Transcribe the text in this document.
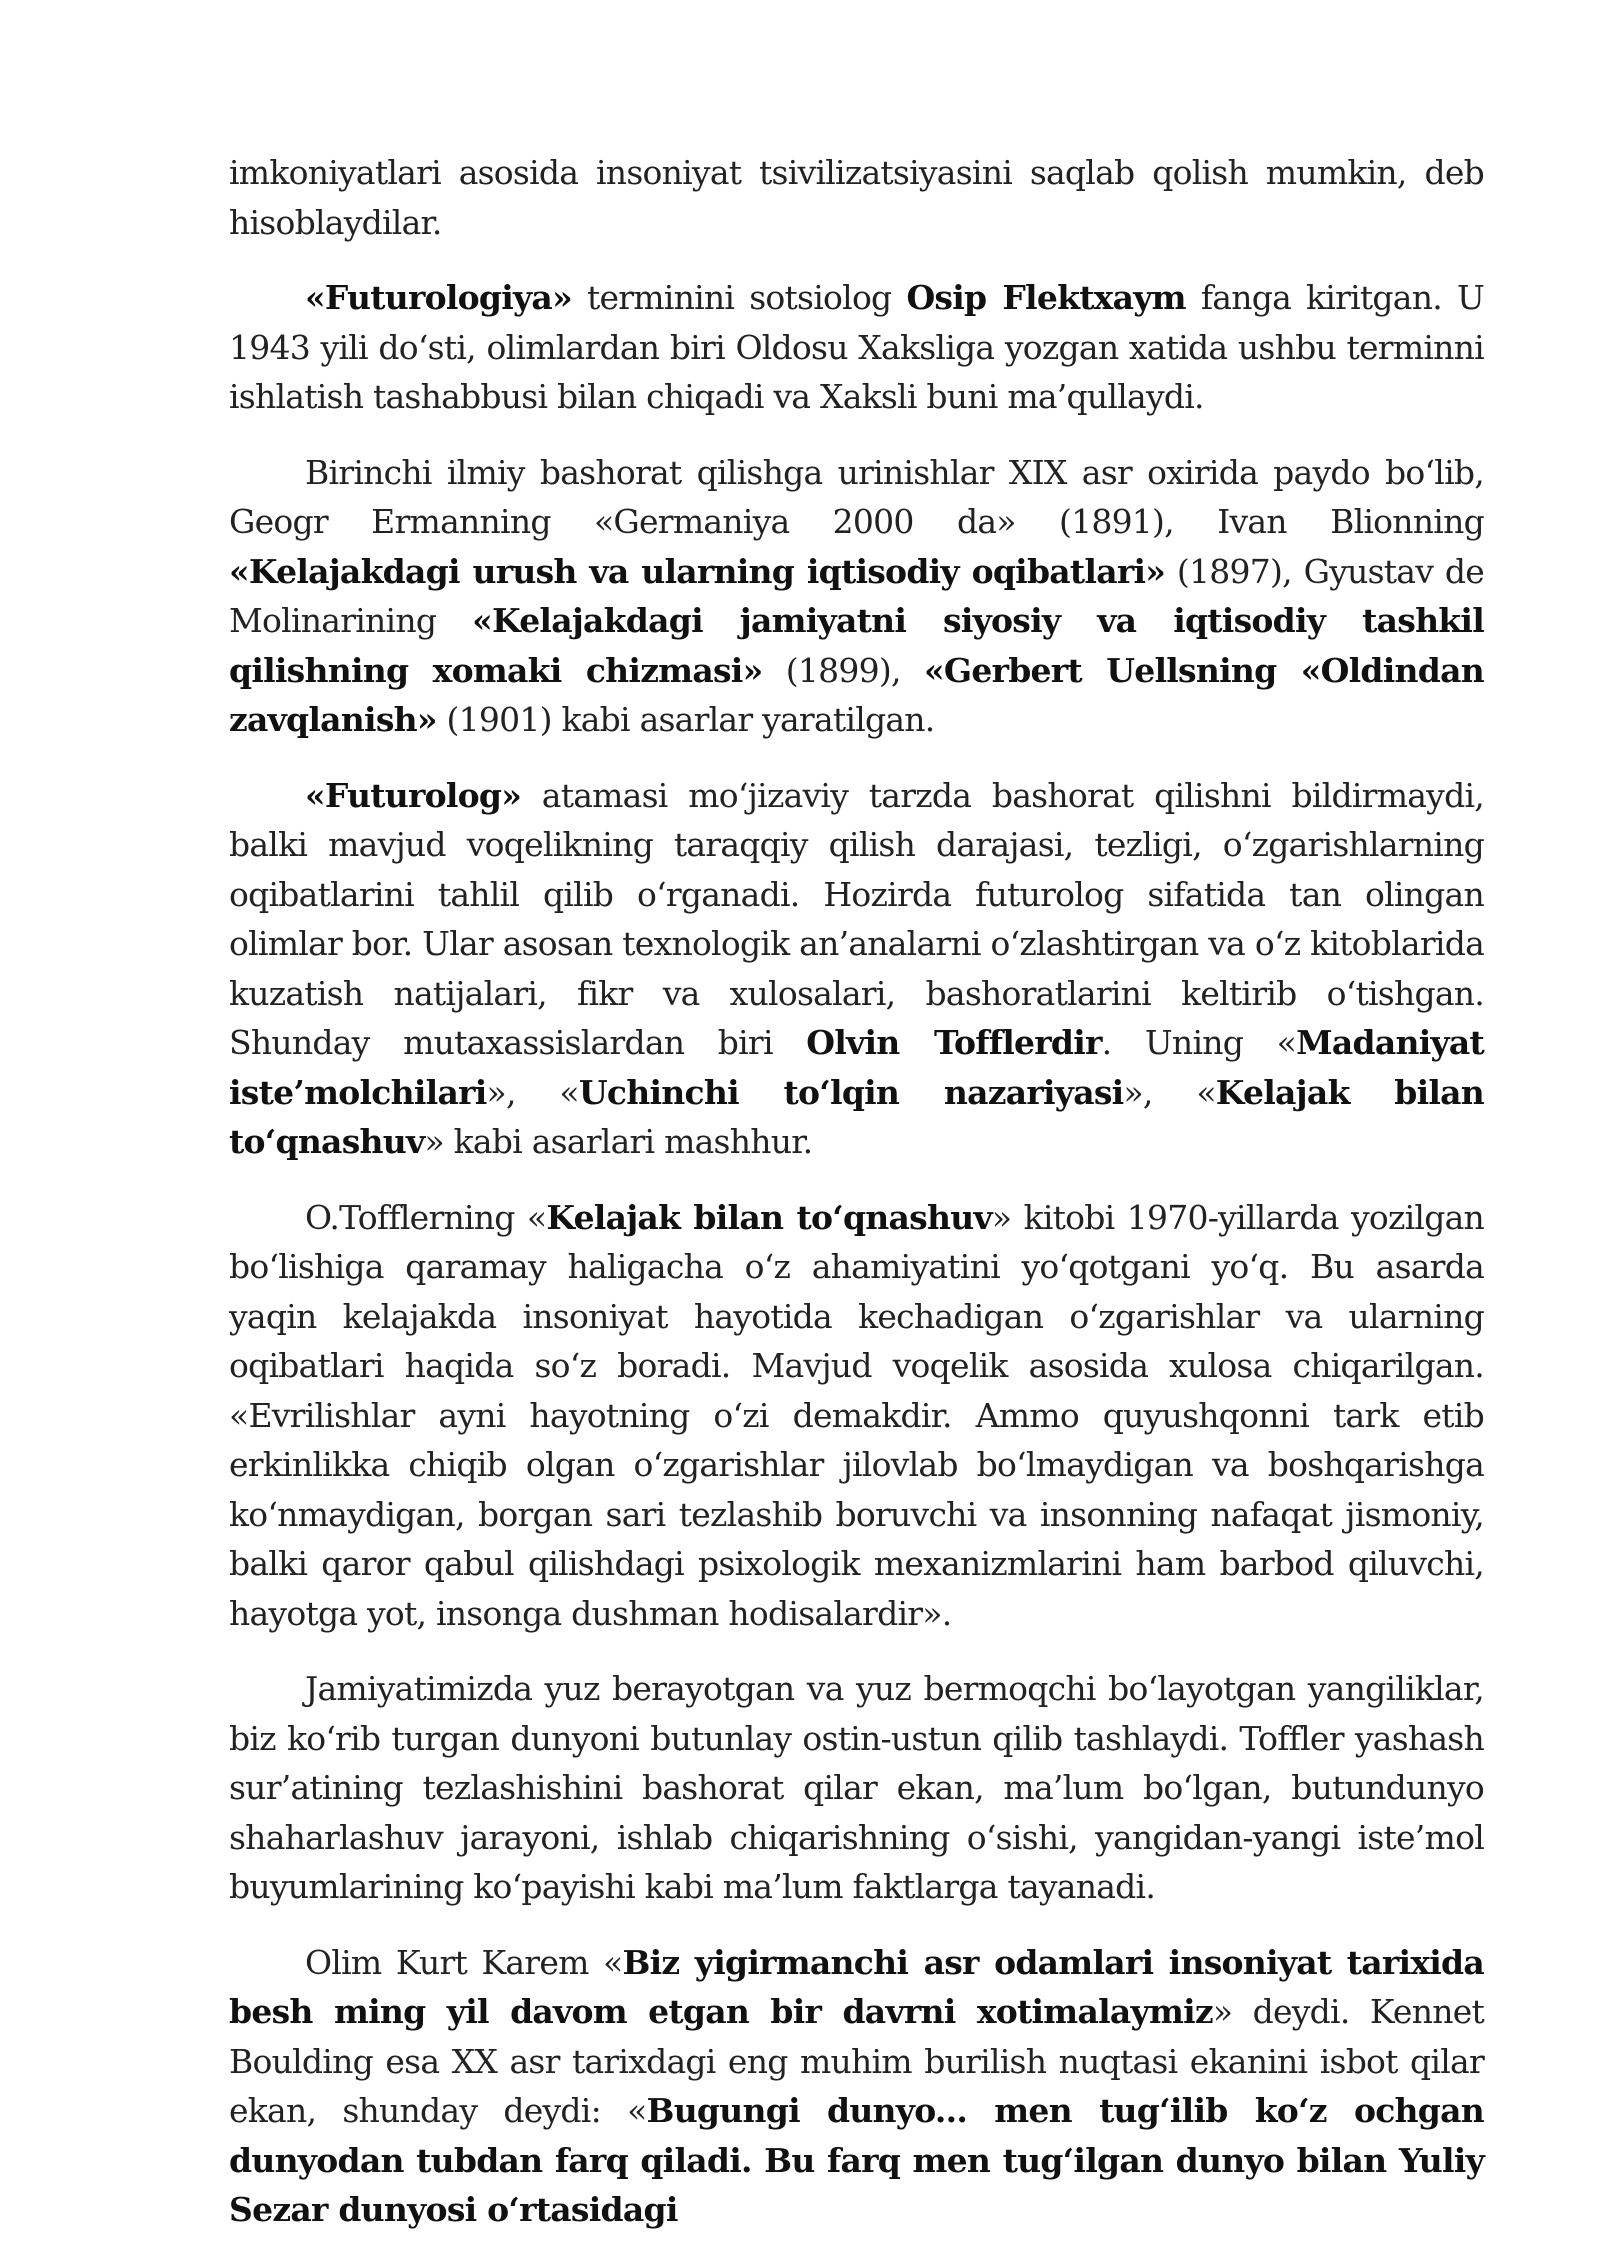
imkoniyatlari asosida insoniyat tsivilizatsiyasini saqlab qolish mumkin, deb hisoblaydilar.

«Futurologiya» terminini sotsiolog Osip Flektxaym fanga kiritgan. U 1943 yili do‘sti, olimlardan biri Oldosu Xaksliga yozgan xatida ushbu terminni ishlatish tashabbusi bilan chiqadi va Xaksli buni ma’qullaydi.

Birinchi ilmiy bashorat qilishga urinishlar XIX asr oxirida paydo bo‘lib, Geogr Ermanning «Germaniya 2000 da» (1891), Ivan Blionning «Kelajakdagi urush va ularning iqtisodiy oqibatlari» (1897), Gyustav de Molinarining «Kelajakdagi jamiyatni siyosiy va iqtisodiy tashkil qilishning xomaki chizmasi» (1899), «Gerbert Uellsning «Oldindan zavqlanish» (1901) kabi asarlar yaratilgan.

«Futurolog» atamasi mo‘jizaviy tarzda bashorat qilishni bildirmaydi, balki mavjud voqelikning taraqqiy qilish darajasi, tezligi, o‘zgarishlarning oqibatlarini tahlil qilib o‘rganadi. Hozirda futurolog sifatida tan olingan olimlar bor. Ular asosan texnologik an’analarni o‘zlashtirgan va o‘z kitoblarida kuzatish natijalari, fikr va xulosalari, bashoratlarini keltirib o‘tishgan. Shunday mutaxassislardan biri Olvin Tofflerdir. Uning «Madaniyat iste’molchilari», «Uchinchi to‘lqin nazariyasi», «Kelajak bilan to‘qnashuv» kabi asarlari mashhur.

O.Tofflerning «Kelajak bilan to‘qnashuv» kitobi 1970-yillarda yozilgan bo‘lishiga qaramay haligacha o‘z ahamiyatini yo‘qotgani yo‘q. Bu asarda yaqin kelajakda insoniyat hayotida kechadigan o‘zgarishlar va ularning oqibatlari haqida so‘z boradi. Mavjud voqelik asosida xulosa chiqarilgan. «Evrilishlar ayni hayotning o‘zi demakdir. Ammo quyushqonni tark etib erkinlikka chiqib olgan o‘zgarishlar jilovlab bo‘lmaydigan va boshqarishga ko‘nmaydigan, borgan sari tezlashib boruvchi va insonning nafaqat jismoniy, balki qaror qabul qilishdagi psixologik mexanizmlarini ham barbod qiluvchi, hayotga yot, insonga dushman hodisalardir».

Jamiyatimizda yuz berayotgan va yuz bermoqchi bo‘layotgan yangiliklar, biz ko‘rib turgan dunyoni butunlay ostin-ustun qilib tashlaydi. Toffler yashash sur’atining tezlashishini bashorat qilar ekan, ma’lum bo‘lgan, butundunyo shaharlashuv jarayoni, ishlab chiqarishning o‘sishi, yangidan-yangi iste’mol buyumlarining ko‘payishi kabi ma’lum faktlarga tayanadi.

Olim Kurt Karem «Biz yigirmanchi asr odamlari insoniyat tarixida besh ming yil davom etgan bir davrni xotimalaymiz» deydi. Kennet Boulding esa XX asr tarixdagi eng muhim burilish nuqtasi ekanini isbot qilar ekan, shunday deydi: «Bugungi dunyo... men tug‘ilib ko‘z ochgan dunyodan tubdan farq qiladi. Bu farq men tug‘ilgan dunyo bilan Yuliy Sezar dunyosi o‘rtasidagi
